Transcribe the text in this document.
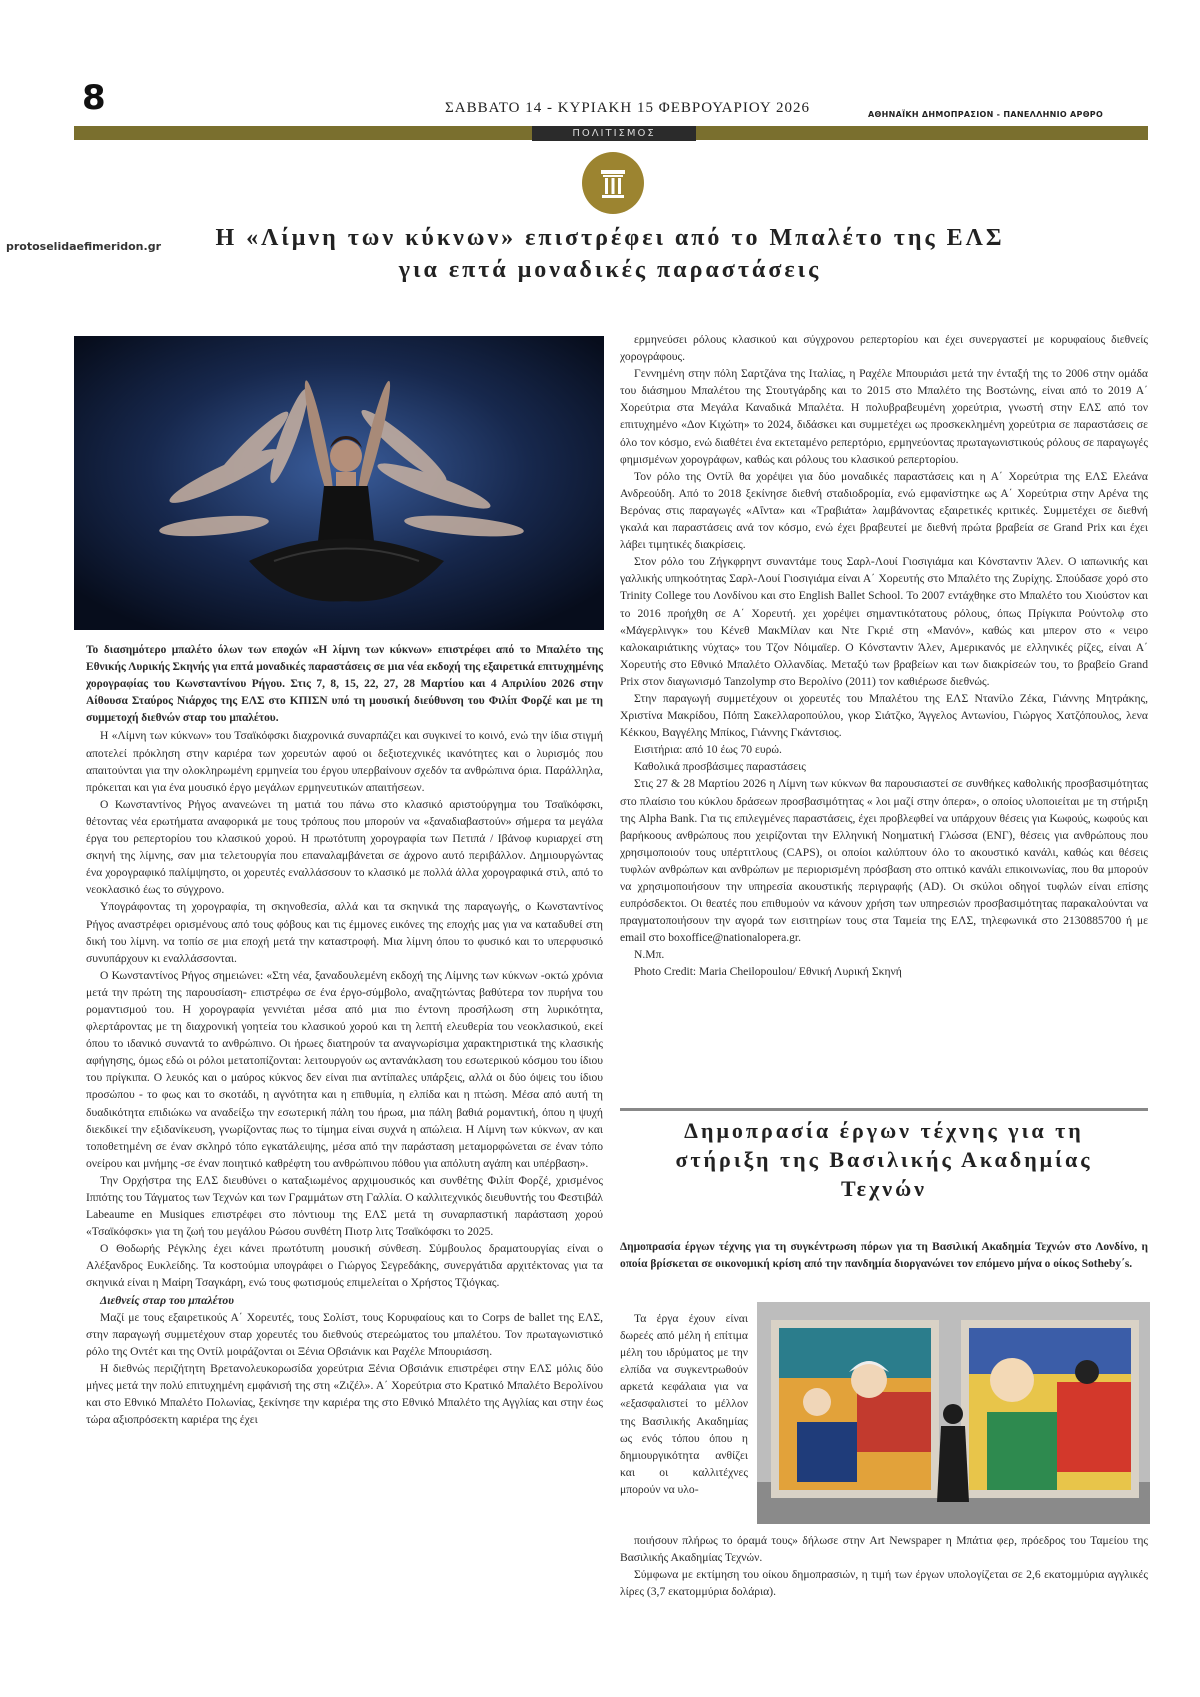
8	ΣΑΒΒΑΤΟ 14 - ΚΥΡΙΑΚΗ 15 ΦΕΒΡΟΥΑΡΙΟΥ 2026	ΑΘΗΝΑΪΚΗ ΔΗΜΟΠΡΑΣΙΟΝ - ΠΑΝΕΛΛΗΝΙΟ ΑΡΘΡΟ
ΠΟΛΙΤΙΣΜΟΣ
protoselidaefimeridon.gr	Η «Λίμνη των κύκνων» επιστρέφει από το Μπαλέτο της ΕΛΣ
για επτά μοναδικές παραστάσεις

Το διασημότερο μπαλέτο όλων των εποχών «Η λίμνη των κύκνων» επιστρέφει από το Μπαλέτο της Εθνικής Λυρικής Σκηνής για επτά μοναδικές παραστάσεις σε μια νέα εκδοχή της εξαιρετικά επιτυχημένης χορογραφίας του Κωνσταντίνου Ρήγου. Στις 7, 8, 15, 22, 27, 28 Μαρτίου και 4 Απριλίου 2026 στην Αίθουσα Σταύρος Νιάρχος της ΕΛΣ στο ΚΠΙΣΝ υπό τη μουσική διεύθυνση του Φιλίπ Φορζέ και με τη συμμετοχή διεθνών σταρ του μπαλέτου.

Η «Λίμνη των κύκνων» του Τσαϊκόφσκι διαχρονικά συναρπάζει και συγκινεί το κοινό, ενώ την ίδια στιγμή αποτελεί πρόκληση στην καριέρα των χορευτών αφού οι δεξιοτεχνικές ικανότητες και ο λυρισμός που απαιτούνται για την ολοκληρωμένη ερμηνεία του έργου υπερβαίνουν σχεδόν τα ανθρώπινα όρια. Παράλληλα, πρόκειται και για ένα μουσικό έργο μεγάλων ερμηνευτικών απαιτήσεων.

Ο Κωνσταντίνος Ρήγος ανανεώνει τη ματιά του πάνω στο κλασικό αριστούργημα του Τσαϊκόφσκι, θέτοντας νέα ερωτήματα αναφορικά με τους τρόπους που μπορούν να «ξαναδιαβαστούν» σήμερα τα μεγάλα έργα του ρεπερτορίου του κλασικού χορού. Η πρωτότυπη χορογραφία των Πετιπά / Ιβάνοφ κυριαρχεί στη σκηνή της λίμνης, σαν μια τελετουργία που επαναλαμβάνεται σε άχρονο αυτό περιβάλλον. Δημιουργώντας ένα χορογραφικό παλίμψηστο, οι χορευτές εναλλάσσουν το κλασικό με πολλά άλλα χορογραφικά στιλ, από το νεοκλασικό έως το σύγχρονο.

Υπογράφοντας τη χορογραφία, τη σκηνοθεσία, αλλά και τα σκηνικά της παραγωγής, ο Κωνσταντίνος Ρήγος αναστρέφει ορισμένους από τους φόβους και τις έμμονες εικόνες της εποχής μας για να καταδυθεί στη δική του λίμνη. να τοπίο σε μια εποχή μετά την καταστροφή. Μια λίμνη όπου το φυσικό και το υπερφυσικό συνυπάρχουν κι εναλλάσσονται.

Ο Κωνσταντίνος Ρήγος σημειώνει: «Στη νέα, ξαναδουλεμένη εκδοχή της Λίμνης των κύκνων -οκτώ χρόνια μετά την πρώτη της παρουσίαση- επιστρέφω σε ένα έργο-σύμβολο, αναζητώντας βαθύτερα τον πυρήνα του ρομαντισμού του. Η χορογραφία γεννιέται μέσα από μια πιο έντονη προσήλωση στη λυρικότητα, φλερτάροντας με τη διαχρονική γοητεία του κλασικού χορού και τη λεπτή ελευθερία του νεοκλασικού, εκεί όπου το ιδανικό συναντά το ανθρώπινο. Οι ήρωες διατηρούν τα αναγνωρίσιμα χαρακτηριστικά της κλασικής αφήγησης, όμως εδώ οι ρόλοι μετατοπίζονται: λειτουργούν ως αντανάκλαση του εσωτερικού κόσμου του ίδιου του πρίγκιπα. Ο λευκός και ο μαύρος κύκνος δεν είναι πια αντίπαλες υπάρξεις, αλλά οι δύο όψεις του ίδιου προσώπου - το φως και το σκοτάδι, η αγνότητα και η επιθυμία, η ελπίδα και η πτώση. Μέσα από αυτή τη δυαδικότητα επιδιώκω να αναδείξω την εσωτερική πάλη του ήρωα, μια πάλη βαθιά ρομαντική, όπου η ψυχή διεκδικεί την εξιδανίκευση, γνωρίζοντας πως το τίμημα είναι συχνά η απώλεια. Η Λίμνη των κύκνων, αν και τοποθετημένη σε έναν σκληρό τόπο εγκατάλειψης, μέσα από την παράσταση μεταμορφώνεται σε έναν τόπο ονείρου και μνήμης -σε έναν ποιητικό καθρέφτη του ανθρώπινου πόθου για απόλυτη αγάπη και υπέρβαση».

Την Ορχήστρα της ΕΛΣ διευθύνει ο καταξιωμένος αρχιμουσικός και συνθέτης Φιλίπ Φορζέ, χρισμένος Ιππότης του Τάγματος των Τεχνών και των Γραμμάτων στη Γαλλία. Ο καλλιτεχνικός διευθυντής του Φεστιβάλ Labeaume en Musiques επιστρέφει στο πόντιουμ της ΕΛΣ μετά τη συναρπαστική παράσταση χορού «Τσαϊκόφσκι» για τη ζωή του μεγάλου Ρώσου συνθέτη Πιοτρ λιτς Τσαϊκόφσκι το 2025.

Ο Θοδωρής Ρέγκλης έχει κάνει πρωτότυπη μουσική σύνθεση. Σύμβουλος δραματουργίας είναι ο Αλέξανδρος Ευκλείδης. Τα κοστούμια υπογράφει ο Γιώργος Σεγρεδάκης, συνεργάτιδα αρχιτέκτονας για τα σκηνικά είναι η Μαίρη Τσαγκάρη, ενώ τους φωτισμούς επιμελείται ο Χρήστος Τζιόγκας.

Διεθνείς σταρ του μπαλέτου

Μαζί με τους εξαιρετικούς Α΄ Χορευτές, τους Σολίστ, τους Κορυφαίους και το Corps de ballet της ΕΛΣ, στην παραγωγή συμμετέχουν σταρ χορευτές του διεθνούς στερεώματος του μπαλέτου. Τον πρωταγωνιστικό ρόλο της Οντέτ και της Οντίλ μοιράζονται οι Ξένια Οβσιάνικ και Ραχέλε Μπουριάσση.

Η διεθνώς περιζήτητη Βρετανολευκορωσίδα χορεύτρια Ξένια Οβσιάνικ επιστρέφει στην ΕΛΣ μόλις δύο μήνες μετά την πολύ επιτυχημένη εμφάνισή της στη «Ζιζέλ». Α΄ Χορεύτρια στο Κρατικό Μπαλέτο Βερολίνου και στο Εθνικό Μπαλέτο Πολωνίας, ξεκίνησε την καριέρα της στο Εθνικό Μπαλέτο της Αγγλίας και στην έως τώρα αξιοπρόσεκτη καριέρα της έχει

ερμηνεύσει ρόλους κλασικού και σύγχρονου ρεπερτορίου και έχει συνεργαστεί με κορυφαίους διεθνείς χορογράφους.

Γεννημένη στην πόλη Σαρτζάνα της Ιταλίας, η Ραχέλε Μπουριάσι μετά την ένταξή της το 2006 στην ομάδα του διάσημου Μπαλέτου της Στουτγάρδης και το 2015 στο Μπαλέτο της Βοστώνης, είναι από το 2019 Α΄ Χορεύτρια στα Μεγάλα Καναδικά Μπαλέτα. Η πολυβραβευμένη χορεύτρια, γνωστή στην ΕΛΣ από τον επιτυχημένο «Δον Κιχώτη» το 2024, διδάσκει και συμμετέχει ως προσκεκλημένη χορεύτρια σε παραστάσεις σε όλο τον κόσμο, ενώ διαθέτει ένα εκτεταμένο ρεπερτόριο, ερμηνεύοντας πρωταγωνιστικούς ρόλους σε παραγωγές φημισμένων χορογράφων, καθώς και ρόλους του κλασικού ρεπερτορίου.

Τον ρόλο της Οντίλ θα χορέψει για δύο μοναδικές παραστάσεις και η Α΄ Χορεύτρια της ΕΛΣ Ελεάνα Ανδρεούδη. Από το 2018 ξεκίνησε διεθνή σταδιοδρομία, ενώ εμφανίστηκε ως Α΄ Χορεύτρια στην Αρένα της Βερόνας στις παραγωγές «Αΐντα» και «Τραβιάτα» λαμβάνοντας εξαιρετικές κριτικές. Συμμετέχει σε διεθνή γκαλά και παραστάσεις ανά τον κόσμο, ενώ έχει βραβευτεί με διεθνή πρώτα βραβεία σε Grand Prix και έχει λάβει τιμητικές διακρίσεις.

Στον ρόλο του Ζήγκφρηντ συναντάμε τους Σαρλ-Λουί Γιοσιγιάμα και Κόνσταντιν Άλεν. Ο ιαπωνικής και γαλλικής υπηκοότητας Σαρλ-Λουί Γιοσιγιάμα είναι Α΄ Χορευτής στο Μπαλέτο της Ζυρίχης. Σπούδασε χορό στο Trinity College του Λονδίνου και στο English Ballet School. Το 2007 εντάχθηκε στο Μπαλέτο του Χιούστον και το 2016 προήχθη σε Α΄ Χορευτή. χει χορέψει σημαντικότατους ρόλους, όπως Πρίγκιπα Ρούντολφ στο «Μάγερλινγκ» του Κένεθ ΜακΜίλαν και Ντε Γκριέ στη «Μανόν», καθώς και μπερον στο « νειρο καλοκαιριάτικης νύχτας» του Τζον Νόιμαϊερ. Ο Κόνσταντιν Άλεν, Αμερικανός με ελληνικές ρίζες, είναι Α΄ Χορευτής στο Εθνικό Μπαλέτο Ολλανδίας. Μεταξύ των βραβείων και των διακρίσεών του, το βραβείο Grand Prix στον διαγωνισμό Tanzolymp στο Βερολίνο (2011) τον καθιέρωσε διεθνώς.

Στην παραγωγή συμμετέχουν οι χορευτές του Μπαλέτου της ΕΛΣ Ντανίλο Ζέκα, Γιάννης Μητράκης, Χριστίνα Μακρίδου, Πόπη Σακελλαροπούλου, γκορ Σιάτζκο, Άγγελος Αντωνίου, Γιώργος Χατζόπουλος, λενα Κέκκου, Βαγγέλης Μπίκος, Γιάννης Γκάντσιος.

Εισιτήρια: από 10 έως 70 ευρώ.

Καθολικά προσβάσιμες παραστάσεις

Στις 27 & 28 Μαρτίου 2026 η Λίμνη των κύκνων θα παρουσιαστεί σε συνθήκες καθολικής προσβασιμότητας στο πλαίσιο του κύκλου δράσεων προσβασιμότητας « λοι μαζί στην όπερα», ο οποίος υλοποιείται με τη στήριξη της Alpha Bank. Για τις επιλεγμένες παραστάσεις, έχει προβλεφθεί να υπάρχουν θέσεις για Κωφούς, κωφούς και βαρήκοους ανθρώπους που χειρίζονται την Ελληνική Νοηματική Γλώσσα (ΕΝΓ), θέσεις για ανθρώπους που χρησιμοποιούν τους υπέρτιτλους (CAPS), οι οποίοι καλύπτουν όλο το ακουστικό κανάλι, καθώς και θέσεις τυφλών ανθρώπων και ανθρώπων με περιορισμένη πρόσβαση στο οπτικό κανάλι επικοινωνίας, που θα μπορούν να χρησιμοποιήσουν την υπηρεσία ακουστικής περιγραφής (AD). Οι σκύλοι οδηγοί τυφλών είναι επίσης ευπρόσδεκτοι. Οι θεατές που επιθυμούν να κάνουν χρήση των υπηρεσιών προσβασιμότητας παρακαλούνται να πραγματοποιήσουν την αγορά των εισιτηρίων τους στα Ταμεία της ΕΛΣ, τηλεφωνικά στο 2130885700 ή με email στο boxoffice@nationalopera.gr.

Ν.Μπ.

Photo Credit: Maria Cheilopoulou/ Εθνική Λυρική Σκηνή

Δημοπρασία έργων τέχνης για τη
στήριξη της Βασιλικής Ακαδημίας
Τεχνών

Δημοπρασία έργων τέχνης για τη συγκέντρωση πόρων για τη Βασιλική Ακαδημία Τεχνών στο Λονδίνο, η οποία βρίσκεται σε οικονομική κρίση από την πανδημία διοργανώνει τον επόμενο μήνα ο οίκος Sotheby΄s.

Τα έργα έχουν είναι δωρεές από μέλη ή επίτιμα μέλη του ιδρύματος με την ελπίδα να συγκεντρωθούν αρκετά κεφάλαια για να «εξασφαλιστεί το μέλλον της Βασιλικής Ακαδημίας ως ενός τόπου όπου η δημιουργικότητα ανθίζει και οι καλλιτέχνες μπορούν να υλο-

ποιήσουν πλήρως το όραμά τους» δήλωσε στην Art Newspaper η Μπάτια φερ, πρόεδρος του Ταμείου της Βασιλικής Ακαδημίας Τεχνών.

Σύμφωνα με εκτίμηση του οίκου δημοπρασιών, η τιμή των έργων υπολογίζεται σε 2,6 εκατομμύρια αγγλικές λίρες (3,7 εκατομμύρια δολάρια).
